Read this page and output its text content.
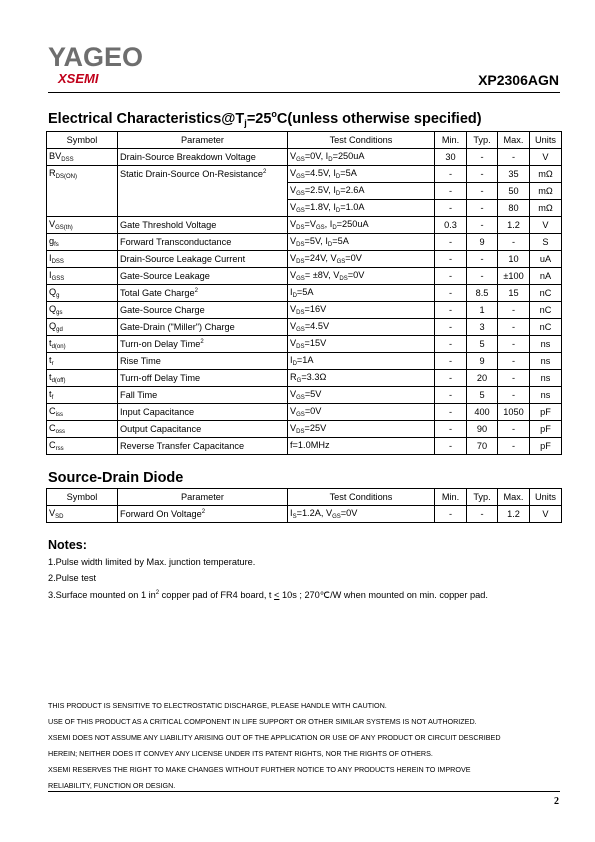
YAGEO
XSEMI	XP2306AGN
Electrical $Characteristics@T_j=25^oC(unless$ otherwise specified)
Symbol	Parameter	Test Conditions	Min.	Typ.	Max.	Units
$BV_{DSS}$	Drain-Source Breakdown Voltage	$V_{GS}=0V$, $I_D=250uA$	30	-	-	V
$R_{DS(ON)}$	Static Drain-Source On-Resistance$^2$	$V_{GS}=4.5V$, $I_D=5A$	-	-	35	mΩ
		$V_{GS}=2.5V$, $I_D=2.6A$	-	-	50	mΩ
		$V_{GS}=1.8V$, $I_D=1.0A$	-	-	80	mΩ
$V_{GS(th)}$	Gate Threshold Voltage	$V_{DS}=V_{GS}$, $I_D=250uA$	0.3	-	1.2	V
$g_{fs}$	Forward Transconductance	$V_{DS}=5V$, $I_D=5A$	-	9	-	S
$I_{DSS}$	Drain-Source Leakage Current	$V_{DS}=24V$, $V_{GS}=0V$	-	-	10	uA
$I_{GSS}$	Gate-Source Leakage	$V_{GS}= \pm 8V$, $V_{DS}=0V$	-	-	±100	nA
$Q_g$	Total Gate Charge$^2$	$I_D=5A$	-	8.5	15	nC
$Q_{gs}$	Gate-Source Charge	$V_{DS}=16V$	-	1	-	nC
$Q_{gd}$	Gate-Drain ("Miller") Charge	$V_{GS}=4.5V$	-	3	-	nC
$t_{d(on)}$	Turn-on Delay Time$^2$	$V_{DS}=15V$	-	5	-	ns
$t_r$	Rise Time	$I_D=1A$	-	9	-	ns
$t_{d(off)}$	Turn-off Delay Time	$R_G=3.3\Omega$	-	20	-	ns
$t_f$	Fall Time	$V_{GS}=5V$	-	5	-	ns
$C_{iss}$	Input Capacitance	$V_{GS}=0V$	-	400	1050	pF
$C_{oss}$	Output Capacitance	$V_{DS}=25V$	-	90	-	pF
$C_{rss}$	Reverse Transfer Capacitance	f=1.0MHz	-	70	-	pF
Source-Drain Diode
Symbol	Parameter	Test Conditions	Min.	Typ.	Max.	Units
$V_{SD}$	Forward On Voltage$^2$	$I_S=1.2A$, $V_{GS}=0V$	-	-	1.2	V
Notes:
1.Pulse width limited by Max. junction temperature.
2.Pulse test
3.Surface mounted on 1 $in^2$ copper pad of FR4 board, t < 10s ; 270℃/W when mounted on min. copper pad.
THIS PRODUCT IS SENSITIVE TO ELECTROSTATIC DISCHARGE, PLEASE HANDLE WITH CAUTION.
USE OF THIS PRODUCT AS A CRITICAL COMPONENT IN LIFE SUPPORT OR OTHER SIMILAR SYSTEMS IS NOT AUTHORIZED.
XSEMI DOES NOT ASSUME ANY LIABILITY ARISING OUT OF THE APPLICATION OR USE OF ANY PRODUCT OR CIRCUIT DESCRIBED
HEREIN; NEITHER DOES IT CONVEY ANY LICENSE UNDER ITS PATENT RIGHTS, NOR THE RIGHTS OF OTHERS.
XSEMI RESERVES THE RIGHT TO MAKE CHANGES WITHOUT FURTHER NOTICE TO ANY PRODUCTS HEREIN TO IMPROVE
RELIABILITY, FUNCTION OR DESIGN.
2
